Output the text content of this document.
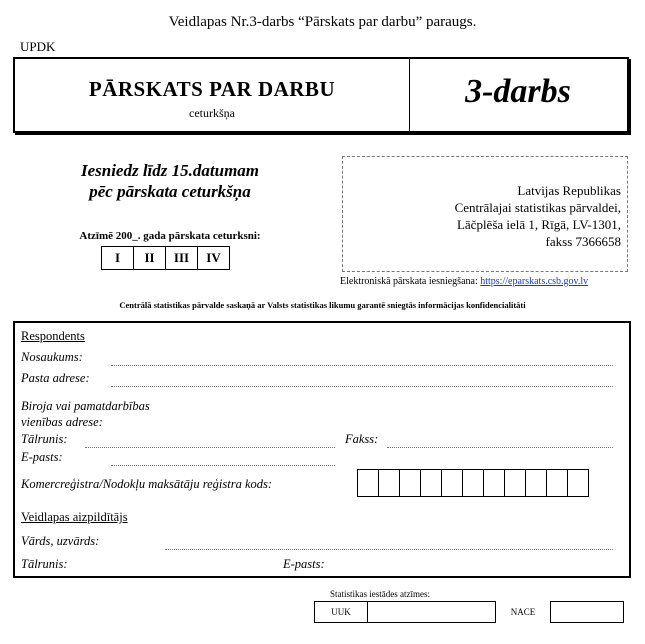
Veidlapas Nr.3-darbs “Pārskats par darbu” paraugs.
UPDK
PĀRSKATS PAR DARBU
ceturkšņa
3-darbs
Iesniedz līdz 15.datumam
pēc pārskata ceturkšņa
Atzīmē 200_. gada pārskata ceturksni:
I	II	III	IV
Latvijas Republikas
Centrālajai statistikas pārvaldei,
Lāčplēša ielā 1, Rīgā, LV-1301,
fakss 7366658
Elektroniskā pārskata iesniegšana: https://eparskats.csb.gov.lv
Centrālā statistikas pārvalde saskaņā ar Valsts statistikas likumu garantē sniegtās informācijas konfidencialitāti
Respondents
Nosaukums:
Pasta adrese:
Biroja vai pamatdarbības
vienības adrese:
Tālrunis:	Fakss:
E-pasts:
Komercreģistra/Nodokļu maksātāju reģistra kods:
Veidlapas aizpildītājs
Vārds, uzvārds:
Tālrunis:	E-pasts:
Statistikas iestādes atzīmes:
UUK	NACE
